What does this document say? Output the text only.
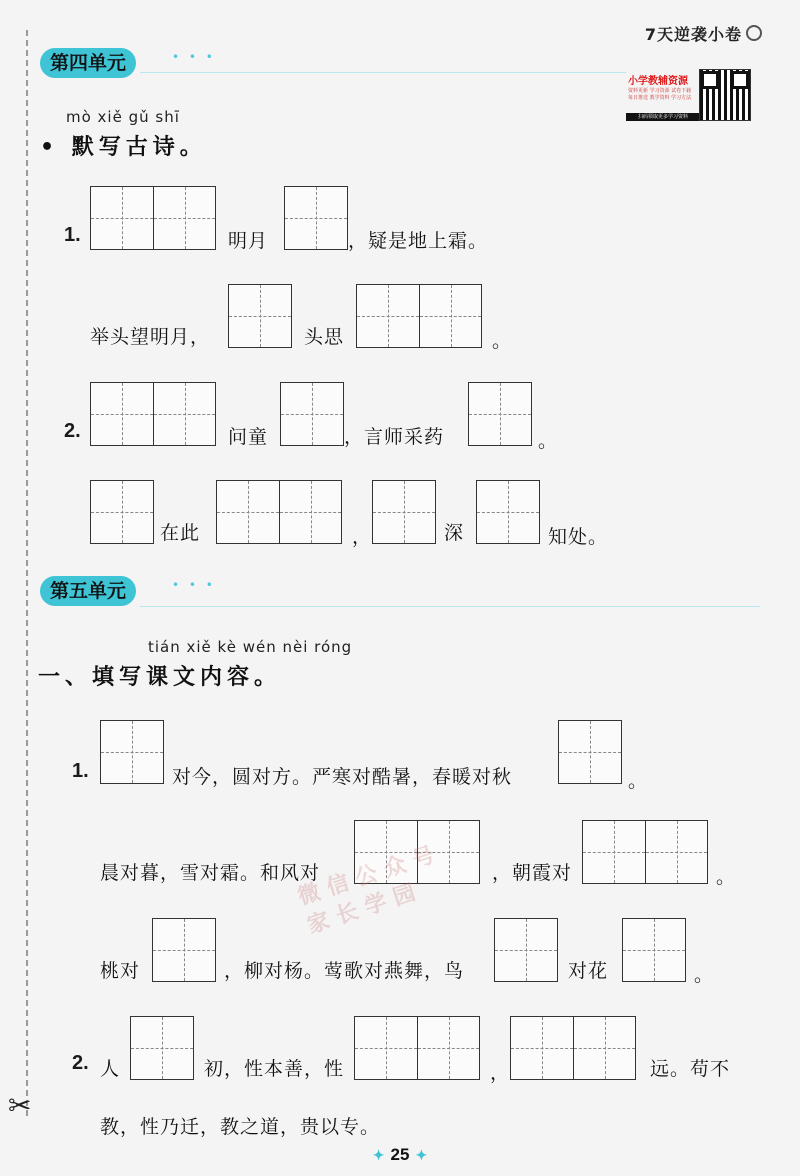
✂
7天逆袭小卷
小学教辅资源
资料更新 学习资源 试卷下载 每日推送 教学资料 学习方法
扫码领取更多学习资料
第四单元	• • •
mò xiě gǔ shī
• 默写古诗。
1.	明月	，疑是地上霜。
举头望明月，	头思	。
2.	问童	，言师采药	。
在此	，	深	知处。
第五单元	• • •
tián xiě kè wén nèi róng
一、填写课文内容。
1.	对今，圆对方。严寒对酷暑，春暖对秋	。
晨对暮，雪对霜。和风对	，朝霞对	。
桃对	，柳对杨。莺歌对燕舞，鸟	对花	。
2. 人	初，性本善，性	，	远。苟不
教，性乃迁，教之道，贵以专。
微信公众号 家长学园
✦ 25 ✦
